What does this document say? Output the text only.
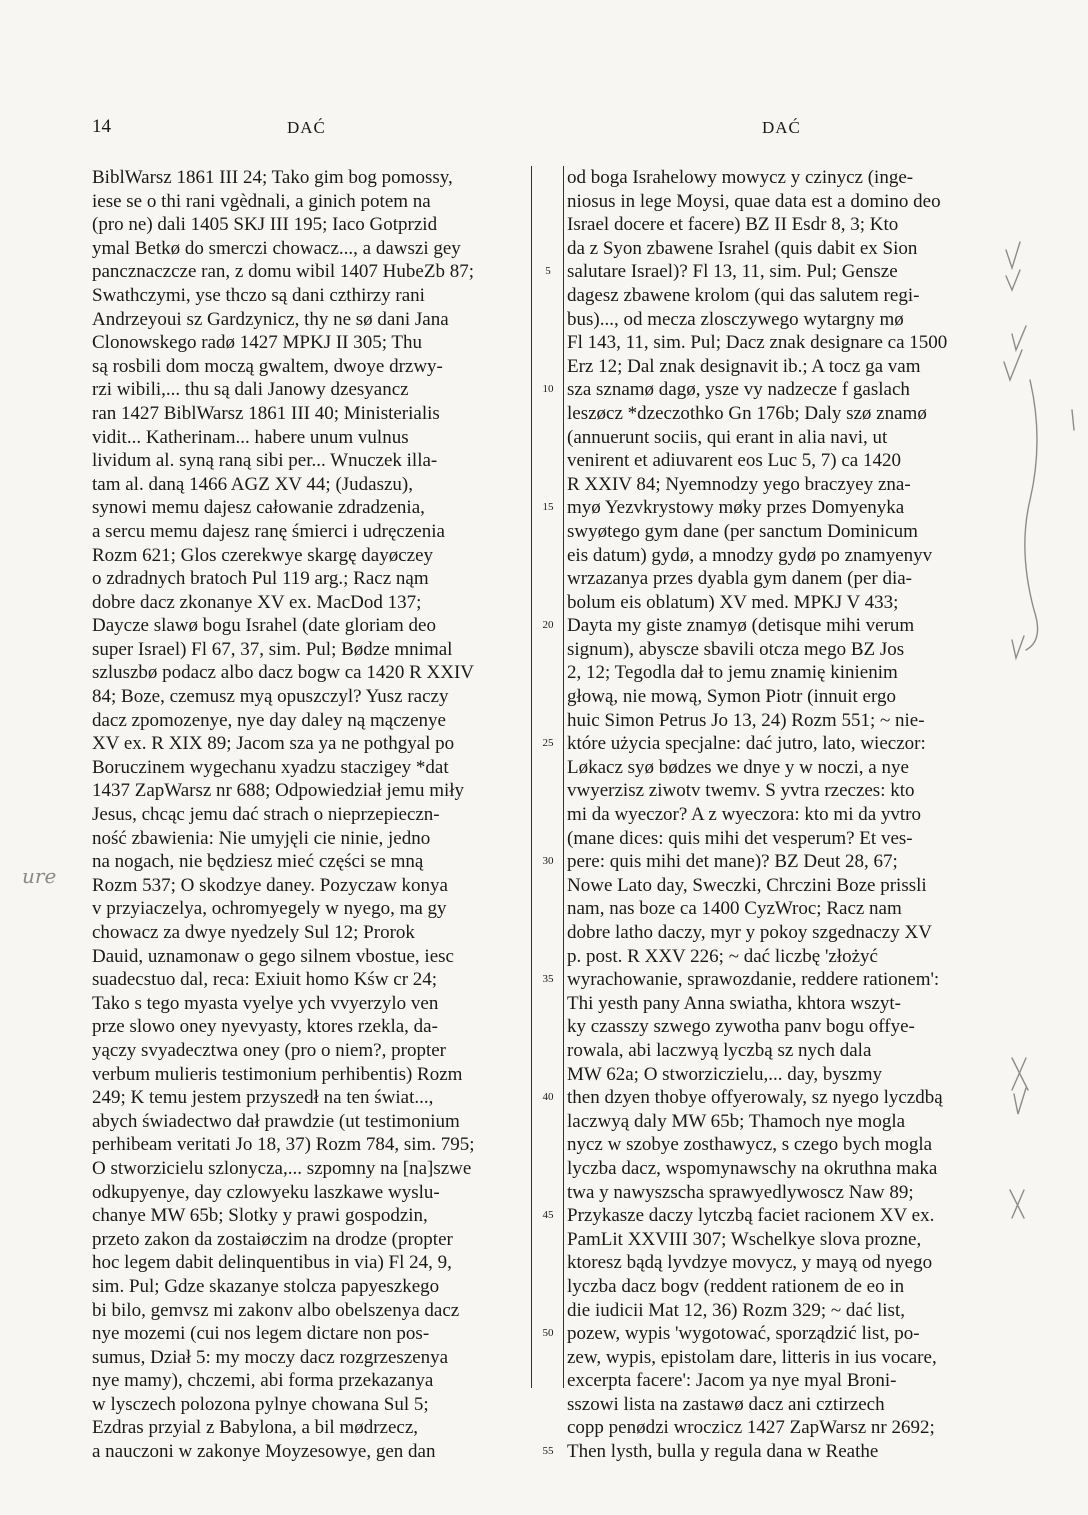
14	DAĆ	DAĆ
BiblWarsz 1861 III 24; Tako gim bog pomossy,
iese se o thi rani vgèdnali, a ginich potem na
(pro ne) dali 1405 SKJ III 195; Iaco Gotprzid
ymal Betkø do smerczi chowacz..., a dawszi gey
pancznaczcze ran, z domu wibil 1407 HubeZb 87;
Swathczymi, yse thczo są dani czthirzy rani
Andrzeyoui sz Gardzynicz, thy ne sø dani Jana
Clonowskego radø 1427 MPKJ II 305; Thu
są rosbili dom moczą gwaltem, dwoye drzwy-
rzi wibili,... thu są dali Janowy dzesyancz
ran 1427 BiblWarsz 1861 III 40; Ministerialis
vidit... Katherinam... habere unum vulnus
lividum al. syną raną sibi per... Wnuczek illa-
tam al. daną 1466 AGZ XV 44; (Judaszu),
synowi memu dajesz całowanie zdradzenia,
a sercu memu dajesz ranę śmierci i udręczenia
Rozm 621; Glos czerekwye skargę dayøczey
o zdradnych bratoch Pul 119 arg.; Racz nąm
dobre dacz zkonanye XV ex. MacDod 137;
Daycze slawø bogu Israhel (date gloriam deo
super Israel) Fl 67, 37, sim. Pul; Bødze mnimal
szluszbø podacz albo dacz bogw ca 1420 R XXIV
84; Boze, czemusz myą opuszczyl? Yusz raczy
dacz zpomozenye, nye day daley ną mączenye
XV ex. R XIX 89; Jacom sza ya ne pothgyal po
Boruczinem wygechanu xyadzu staczigey *dat
1437 ZapWarsz nr 688; Odpowiedział jemu miły
Jesus, chcąc jemu dać strach o nieprzepieczn-
ność zbawienia: Nie umyjęli cie ninie, jedno
na nogach, nie będziesz mieć części se mną
Rozm 537; O skodzye daney. Pozyczaw konya
v przyiaczelya, ochromyegely w nyego, ma gy
chowacz za dwye nyedzely Sul 12; Prorok
Dauid, uznamonaw o gego silnem vbostue, iesc
suadecstuo dal, reca: Exiuit homo Kśw cr 24;
Tako s tego myasta vyelye ych vvyerzylo ven
prze slowo oney nyevyasty, ktores rzekla, da-
yączy svyadecztwa oney (pro o niem?, propter
verbum mulieris testimonium perhibentis) Rozm
249; K temu jestem przyszedł na ten świat...,
abych świadectwo dał prawdzie (ut testimonium
perhibeam veritati Jo 18, 37) Rozm 784, sim. 795;
O stworzicielu szlonycza,... szpomny na [na]szwe
odkupyenye, day czlowyeku laszkawe wyslu-
chanye MW 65b; Slotky y prawi gospodzin,
przeto zakon da zostaiøczim na drodze (propter
hoc legem dabit delinquentibus in via) Fl 24, 9,
sim. Pul; Gdze skazanye stolcza papyeszkego
bi bilo, gemvsz mi zakonv albo obelszenya dacz
nye mozemi (cui nos legem dictare non pos-
sumus, Dział 5: my moczy dacz rozgrzeszenya
nye mamy), chczemi, abi forma przekazanya
w lysczech polozona pylnye chowana Sul 5;
Ezdras przyial z Babylona, a bil mødrzecz,
a nauczoni w zakonye Moyzesowye, gen dan
5
10
15
20
25
30
35
40
45
50
55
od boga Israhelowy mowycz y czinycz (inge-
niosus in lege Moysi, quae data est a domino deo
Israel docere et facere) BZ II Esdr 8, 3; Kto
da z Syon zbawene Israhel (quis dabit ex Sion
salutare Israel)? Fl 13, 11, sim. Pul; Gensze
dagesz zbawene krolom (qui das salutem regi-
bus)..., od mecza zlosczywego wytargny mø
Fl 143, 11, sim. Pul; Dacz znak designare ca 1500
Erz 12; Dal znak designavit ib.; A tocz ga vam
sza sznamø dagø, ysze vy nadzecze f gaslach
leszøcz *dzeczothko Gn 176b; Daly szø znamø
(annuerunt sociis, qui erant in alia navi, ut
venirent et adiuvarent eos Luc 5, 7) ca 1420
R XXIV 84; Nyemnodzy yego braczyey zna-
myø Yezvkrystowy møky przes Domyenyka
swyøtego gym dane (per sanctum Dominicum
eis datum) gydø, a mnodzy gydø po znamyenyv
wrzazanya przes dyabla gym danem (per dia-
bolum eis oblatum) XV med. MPKJ V 433;
Dayta my giste znamyø (detisque mihi verum
signum), abyscze sbavili otcza mego BZ Jos
2, 12; Tegodla dał to jemu znamię kinienim
głową, nie mową, Symon Piotr (innuit ergo
huic Simon Petrus Jo 13, 24) Rozm 551; ~ nie-
które użycia specjalne: dać jutro, lato, wieczor:
Løkacz syø bødzes we dnye y w noczi, a nye
vwyerzisz ziwotv twemv. S yvtra rzeczes: kto
mi da wyeczor? A z wyeczora: kto mi da yvtro
(mane dices: quis mihi det vesperum? Et ves-
pere: quis mihi det mane)? BZ Deut 28, 67;
Nowe Lato day, Sweczki, Chrczini Boze prissli
nam, nas boze ca 1400 CyzWroc; Racz nam
dobre latho daczy, myr y pokoy szgednaczy XV
p. post. R XXV 226; ~ dać liczbę 'złożyć
wyrachowanie, sprawozdanie, reddere rationem':
Thi yesth pany Anna swiatha, khtora wszyt-
ky czasszy szwego zywotha panv bogu offye-
rowala, abi laczwyą lyczbą sz nych dala
MW 62a; O stworziczielu,... day, byszmy
then dzyen thobye offyerowaly, sz nyego lyczdbą
laczwyą daly MW 65b; Thamoch nye mogla
nycz w szobye zosthawycz, s czego bych mogla
lyczba dacz, wspomynawschy na okruthna maka
twa y nawyszscha sprawyedlywoscz Naw 89;
Przykasze daczy lytczbą faciet racionem XV ex.
PamLit XXVIII 307; Wschelkye slova prozne,
ktoresz bądą lyvdzye movycz, y mayą od nyego
lyczba dacz bogv (reddent rationem de eo in
die iudicii Mat 12, 36) Rozm 329; ~ dać list,
pozew, wypis 'wygotować, sporządzić list, po-
zew, wypis, epistolam dare, litteris in ius vocare,
excerpta facere': Jacom ya nye myal Broni-
sszowi lista na zastawø dacz ani cztirzech
copp penødzi wroczicz 1427 ZapWarsz nr 2692;
Then lysth, bulla y regula dana w Reathe
ure
